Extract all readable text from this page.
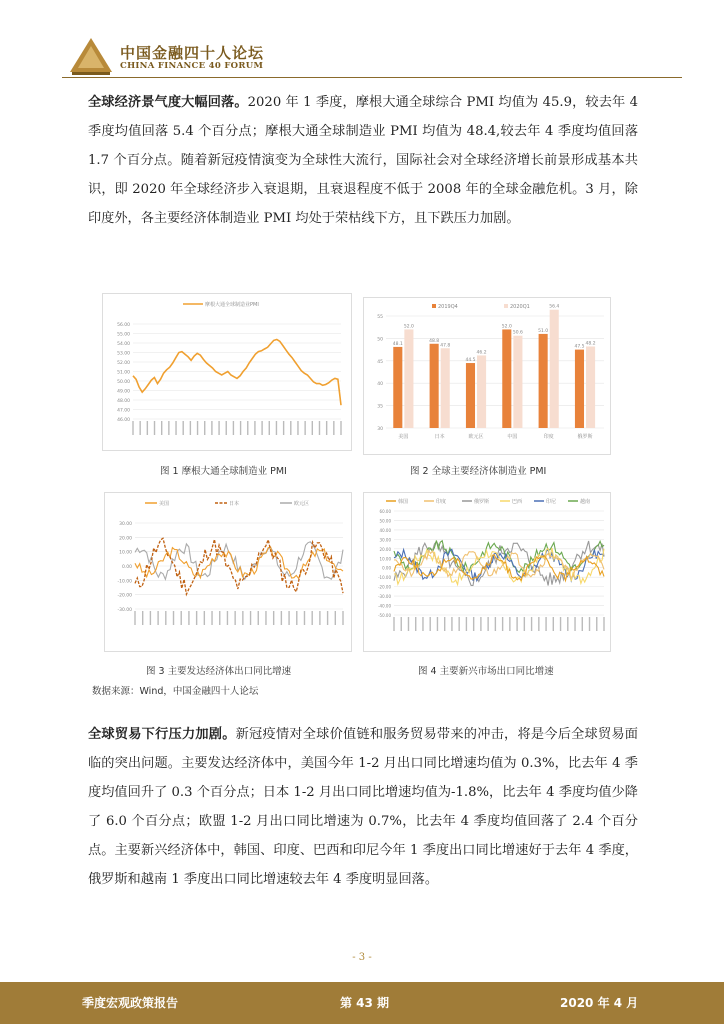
中国金融四十人论坛
CHINA FINANCE 40 FORUM
全球经济景气度大幅回落。2020 年 1 季度，摩根大通全球综合 PMI 均值为 45.9，较去年 4 季度均值回落 5.4 个百分点；摩根大通全球制造业 PMI 均值为 48.4,较去年 4 季度均值回落 1.7 个百分点。随着新冠疫情演变为全球性大流行，国际社会对全球经济增长前景形成基本共识，即 2020 年全球经济步入衰退期，且衰退程度不低于 2008 年的全球金融危机。3 月，除印度外，各主要经济体制造业 PMI 均处于荣枯线下方，且下跌压力加剧。
摩根大通全球制造业PMI
56.00
55.00
54.00
53.00
52.00
51.00
50.00
49.00
48.00
47.00
46.00
2019Q4	2020Q1
55
50
45
40
35
30
48.1
52.0
美国
48.8
47.8
日本
44.5
46.2
欧元区
52.0
50.6
中国
51.0
56.4
印度
47.5
48.2
俄罗斯
图 1 摩根大通全球制造业 PMI	图 2 全球主要经济体制造业 PMI
美国	日本	欧元区
30.00
20.00
10.00
0.00
-10.00
-20.00
-30.00
韩国	印度	俄罗斯	巴西	印尼	越南
60.00
50.00
40.00
30.00
20.00
10.00
0.00
-10.00
-20.00
-30.00
-40.00
-50.00
图 3 主要发达经济体出口同比增速	图 4 主要新兴市场出口同比增速
数据来源：Wind，中国金融四十人论坛
全球贸易下行压力加剧。新冠疫情对全球价值链和服务贸易带来的冲击，将是今后全球贸易面临的突出问题。主要发达经济体中，美国今年 1-2 月出口同比增速均值为 0.3%，比去年 4 季度均值回升了 0.3 个百分点；日本 1-2 月出口同比增速均值为-1.8%，比去年 4 季度均值少降了 6.0 个百分点；欧盟 1-2 月出口同比增速为 0.7%，比去年 4 季度均值回落了 2.4 个百分点。主要新兴经济体中，韩国、印度、巴西和印尼今年 1 季度出口同比增速好于去年 4 季度，俄罗斯和越南 1 季度出口同比增速较去年 4 季度明显回落。
- 3 -
季度宏观政策报告	第 43 期	2020 年 4 月
